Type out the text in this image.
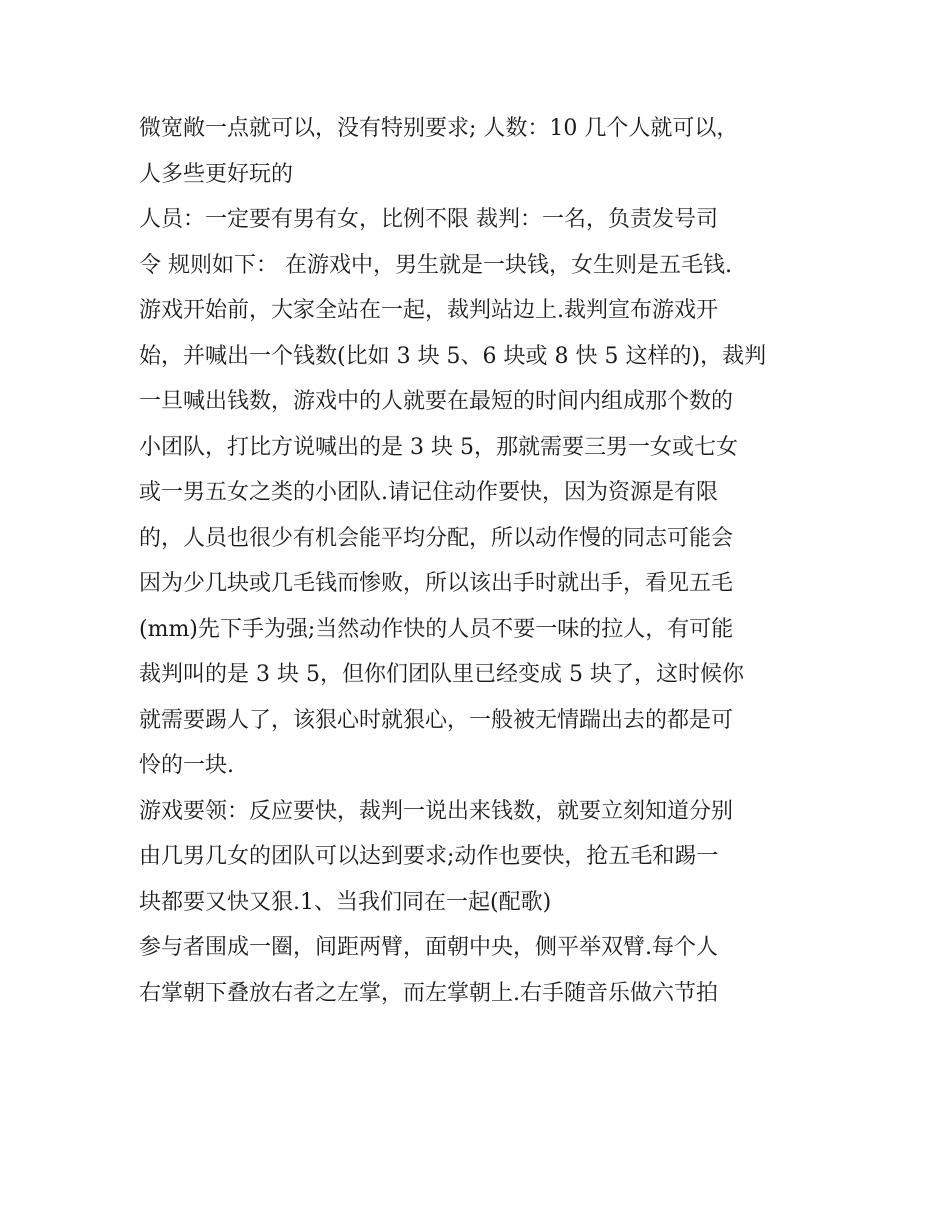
微宽敞一点就可以，没有特别要求; 人数：10 几个人就可以，
人多些更好玩的
人员：一定要有男有女，比例不限 裁判：一名，负责发号司
令 规则如下： 在游戏中，男生就是一块钱，女生则是五毛钱.
游戏开始前，大家全站在一起，裁判站边上.裁判宣布游戏开
始，并喊出一个钱数(比如 3 块 5、6 块或 8 快 5 这样的)，裁判
一旦喊出钱数，游戏中的人就要在最短的时间内组成那个数的
小团队，打比方说喊出的是 3 块 5，那就需要三男一女或七女
或一男五女之类的小团队.请记住动作要快，因为资源是有限
的，人员也很少有机会能平均分配，所以动作慢的同志可能会
因为少几块或几毛钱而惨败，所以该出手时就出手，看见五毛
(mm)先下手为强;当然动作快的人员不要一味的拉人，有可能
裁判叫的是 3 块 5，但你们团队里已经变成 5 块了，这时候你
就需要踢人了，该狠心时就狠心，一般被无情踹出去的都是可
怜的一块.
游戏要领：反应要快，裁判一说出来钱数，就要立刻知道分别
由几男几女的团队可以达到要求;动作也要快，抢五毛和踢一
块都要又快又狠.1、当我们同在一起(配歌)
参与者围成一圈，间距两臂，面朝中央，侧平举双臂.每个人
右掌朝下叠放右者之左掌，而左掌朝上.右手随音乐做六节拍
